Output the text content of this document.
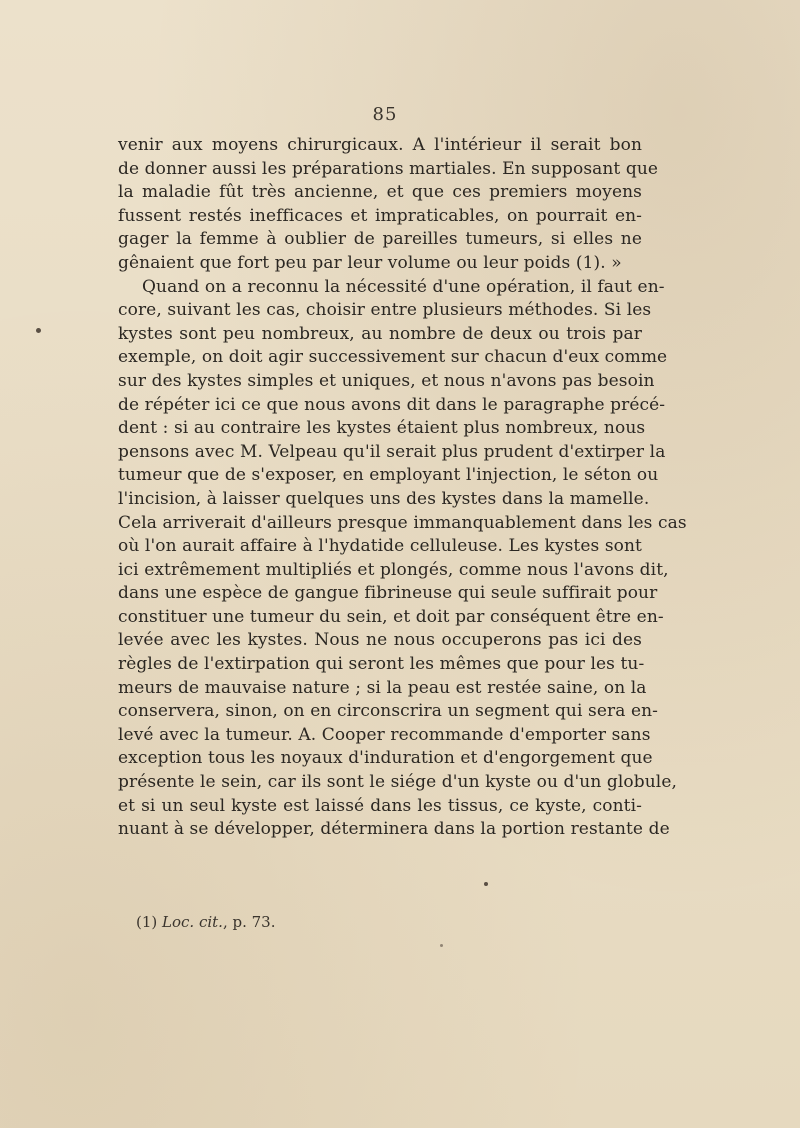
85
venir aux moyens chirurgicaux. A l'intérieur il serait bon
de donner aussi les préparations martiales. En supposant que
la maladie fût très ancienne, et que ces premiers moyens
fussent restés inefficaces et impraticables, on pourrait en-
gager la femme à oublier de pareilles tumeurs, si elles ne
gênaient que fort peu par leur volume ou leur poids (1). »
Quand on a reconnu la nécessité d'une opération, il faut en-
core, suivant les cas, choisir entre plusieurs méthodes. Si les
kystes sont peu nombreux, au nombre de deux ou trois par
exemple, on doit agir successivement sur chacun d'eux comme
sur des kystes simples et uniques, et nous n'avons pas besoin
de répéter ici ce que nous avons dit dans le paragraphe précé-
dent : si au contraire les kystes étaient plus nombreux, nous
pensons avec M. Velpeau qu'il serait plus prudent d'extirper la
tumeur que de s'exposer, en employant l'injection, le séton ou
l'incision, à laisser quelques uns des kystes dans la mamelle.
Cela arriverait d'ailleurs presque immanquablement dans les cas
où l'on aurait affaire à l'hydatide celluleuse. Les kystes sont
ici extrêmement multipliés et plongés, comme nous l'avons dit,
dans une espèce de gangue fibrineuse qui seule suffirait pour
constituer une tumeur du sein, et doit par conséquent être en-
levée avec les kystes. Nous ne nous occuperons pas ici des
règles de l'extirpation qui seront les mêmes que pour les tu-
meurs de mauvaise nature ; si la peau est restée saine, on la
conservera, sinon, on en circonscrira un segment qui sera en-
levé avec la tumeur. A. Cooper recommande d'emporter sans
exception tous les noyaux d'induration et d'engorgement que
présente le sein, car ils sont le siége d'un kyste ou d'un globule,
et si un seul kyste est laissé dans les tissus, ce kyste, conti-
nuant à se développer, déterminera dans la portion restante de
(1) Loc. cit., p. 73.
